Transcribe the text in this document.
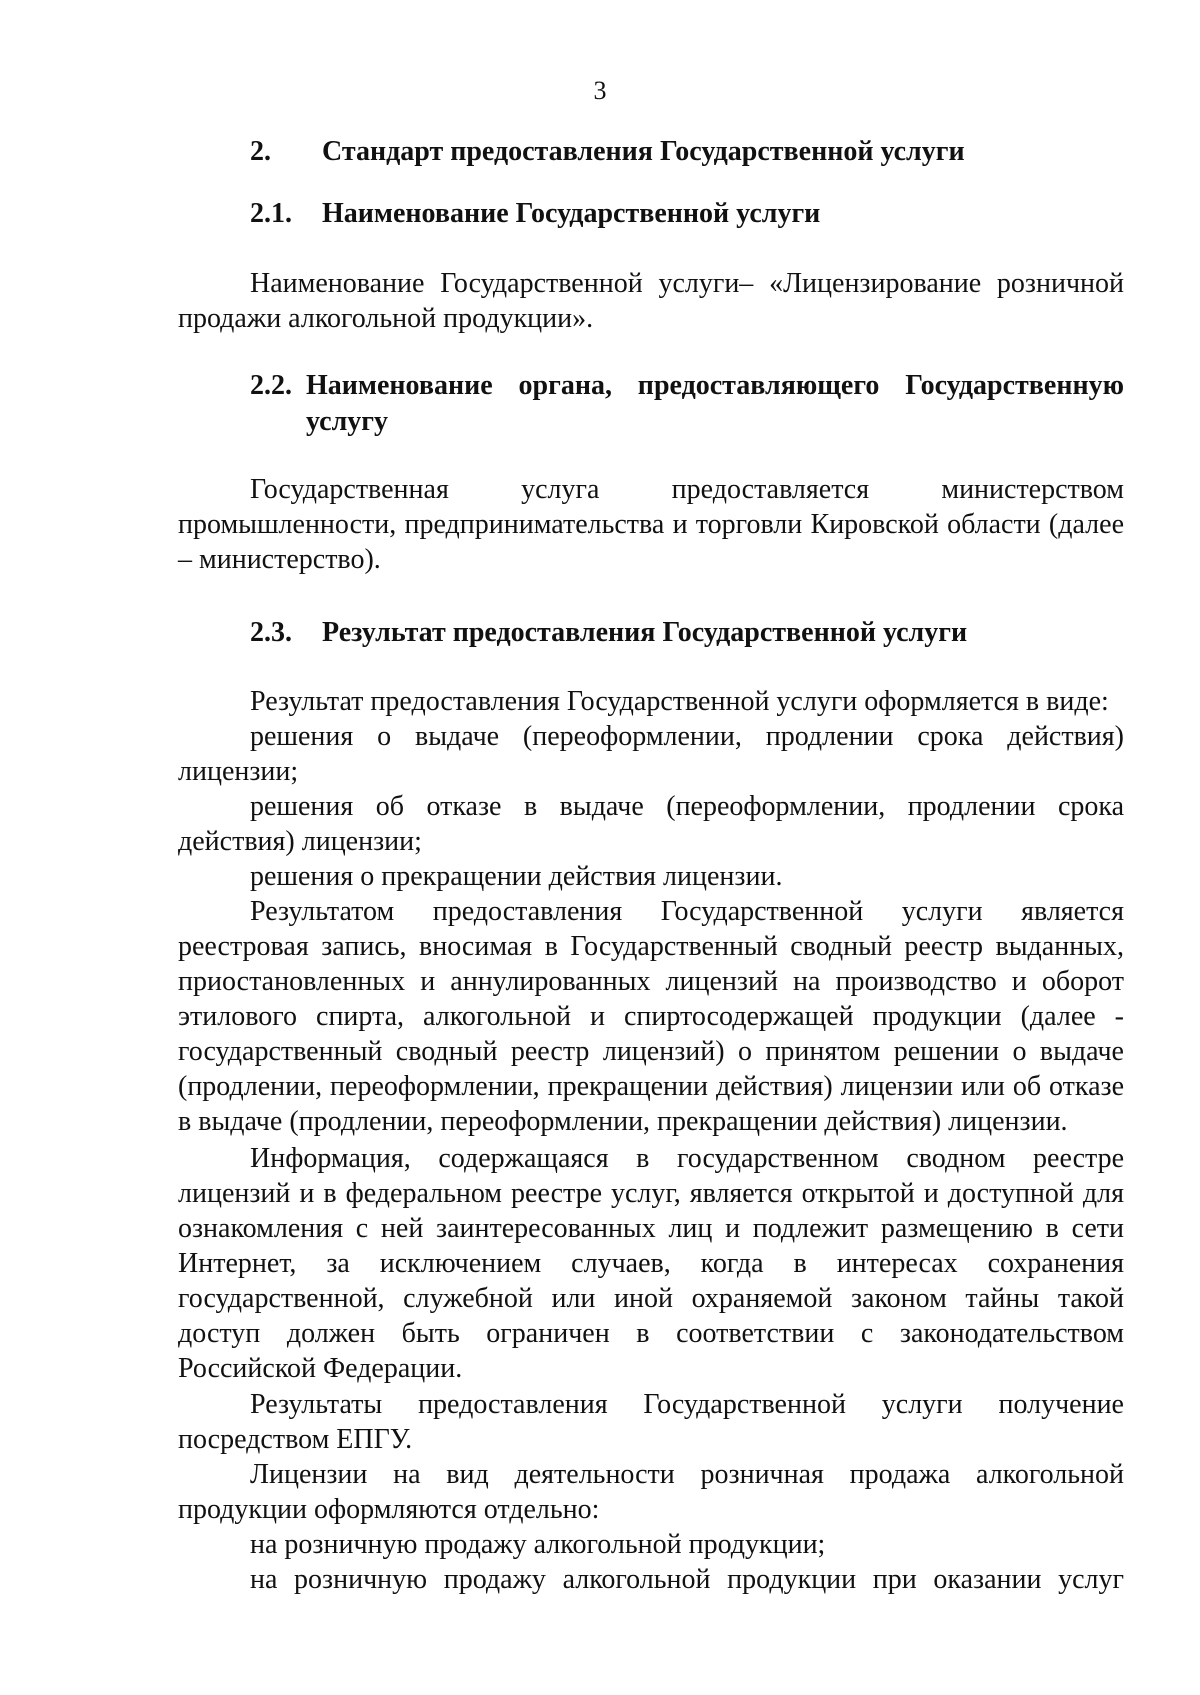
3
2. Стандарт предоставления Государственной услуги
2.1. Наименование Государственной услуги

Наименование Государственной услуги– «Лицензирование розничной продажи алкогольной продукции».

2.2. Наименование органа, предоставляющего Государственную услугу

Государственная услуга предоставляется министерством промышленности, предпринимательства и торговли Кировской области (далее – министерство).

2.3. Результат предоставления Государственной услуги

Результат предоставления Государственной услуги оформляется в виде:

решения о выдаче (переоформлении, продлении срока действия) лицензии;

решения об отказе в выдаче (переоформлении, продлении срока действия) лицензии;

решения о прекращении действия лицензии.

Результатом предоставления Государственной услуги является реестровая запись, вносимая в Государственный сводный реестр выданных, приостановленных и аннулированных лицензий на производство и оборот этилового спирта, алкогольной и спиртосодержащей продукции (далее - государственный сводный реестр лицензий) о принятом решении о выдаче (продлении, переоформлении, прекращении действия) лицензии или об отказе в выдаче (продлении, переоформлении, прекращении действия) лицензии.

Информация, содержащаяся в государственном сводном реестре лицензий и в федеральном реестре услуг, является открытой и доступной для ознакомления с ней заинтересованных лиц и подлежит размещению в сети Интернет, за исключением случаев, когда в интересах сохранения государственной, служебной или иной охраняемой законом тайны такой доступ должен быть ограничен в соответствии с законодательством Российской Федерации.

Результаты предоставления Государственной услуги получение посредством ЕПГУ.

Лицензии на вид деятельности розничная продажа алкогольной продукции оформляются отдельно:

на розничную продажу алкогольной продукции;

на розничную продажу алкогольной продукции при оказании услуг
